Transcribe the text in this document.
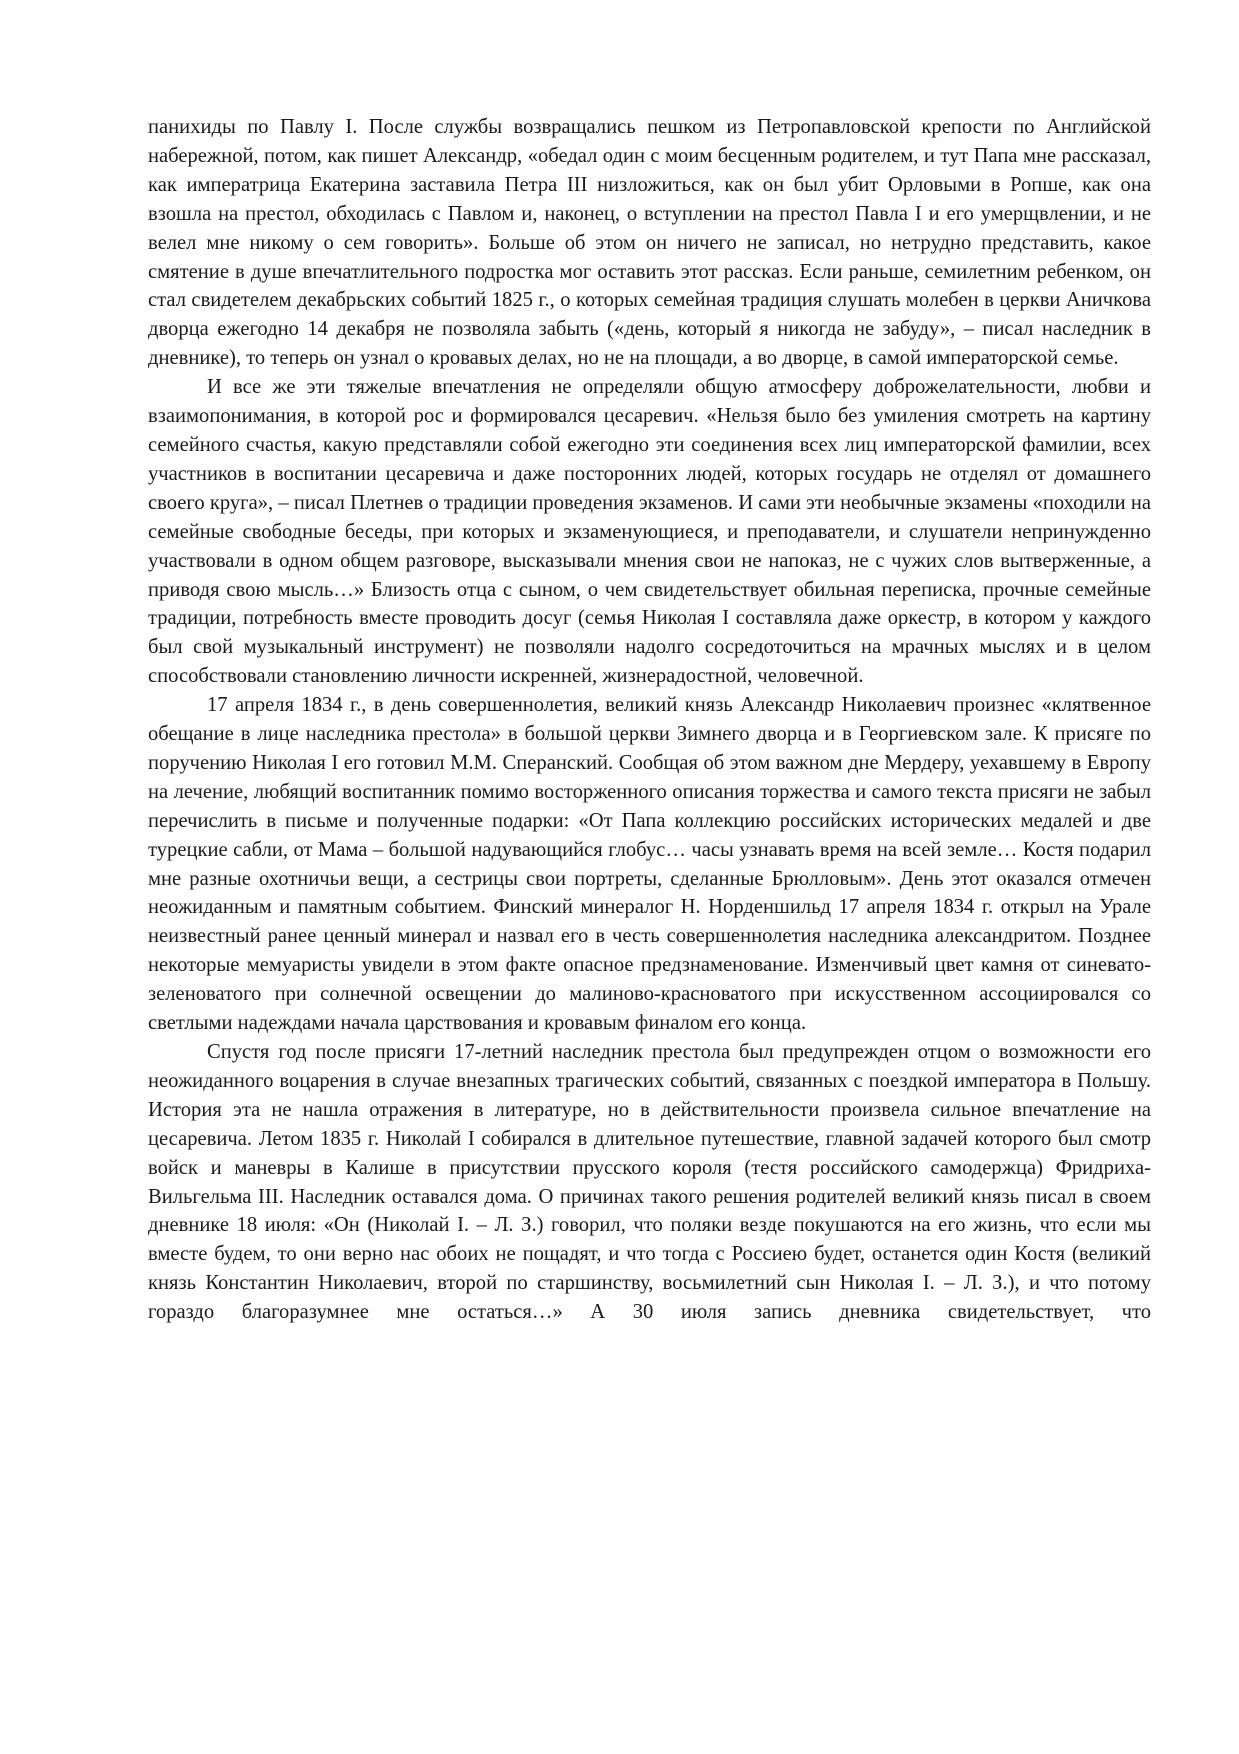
панихиды по Павлу I. После службы возвращались пешком из Петропавловской крепости по Английской набережной, потом, как пишет Александр, «обедал один с моим бесценным родителем, и тут Папа мне рассказал, как императрица Екатерина заставила Петра III низложиться, как он был убит Орловыми в Ропше, как она взошла на престол, обходилась с Павлом и, наконец, о вступлении на престол Павла I и его умерщвлении, и не велел мне никому о сем говорить». Больше об этом он ничего не записал, но нетрудно представить, какое смятение в душе впечатлительного подростка мог оставить этот рассказ. Если раньше, семилетним ребенком, он стал свидетелем декабрьских событий 1825 г., о которых семейная традиция слушать молебен в церкви Аничкова дворца ежегодно 14 декабря не позволяла забыть («день, который я никогда не забуду», – писал наследник в дневнике), то теперь он узнал о кровавых делах, но не на площади, а во дворце, в самой императорской семье.

И все же эти тяжелые впечатления не определяли общую атмосферу доброжелательности, любви и взаимопонимания, в которой рос и формировался цесаревич. «Нельзя было без умиления смотреть на картину семейного счастья, какую представляли собой ежегодно эти соединения всех лиц императорской фамилии, всех участников в воспитании цесаревича и даже посторонних людей, которых государь не отделял от домашнего своего круга», – писал Плетнев о традиции проведения экзаменов. И сами эти необычные экзамены «походили на семейные свободные беседы, при которых и экзаменующиеся, и преподаватели, и слушатели непринужденно участвовали в одном общем разговоре, высказывали мнения свои не напоказ, не с чужих слов вытверженные, а приводя свою мысль…» Близость отца с сыном, о чем свидетельствует обильная переписка, прочные семейные традиции, потребность вместе проводить досуг (семья Николая I составляла даже оркестр, в котором у каждого был свой музыкальный инструмент) не позволяли надолго сосредоточиться на мрачных мыслях и в целом способствовали становлению личности искренней, жизнерадостной, человечной.

17 апреля 1834 г., в день совершеннолетия, великий князь Александр Николаевич произнес «клятвенное обещание в лице наследника престола» в большой церкви Зимнего дворца и в Георгиевском зале. К присяге по поручению Николая I его готовил М.М. Сперанский. Сообщая об этом важном дне Мердеру, уехавшему в Европу на лечение, любящий воспитанник помимо восторженного описания торжества и самого текста присяги не забыл перечислить в письме и полученные подарки: «От Папа коллекцию российских исторических медалей и две турецкие сабли, от Мама – большой надувающийся глобус… часы узнавать время на всей земле… Костя подарил мне разные охотничьи вещи, а сестрицы свои портреты, сделанные Брюлловым». День этот оказался отмечен неожиданным и памятным событием. Финский минералог Н. Норденшильд 17 апреля 1834 г. открыл на Урале неизвестный ранее ценный минерал и назвал его в честь совершеннолетия наследника александритом. Позднее некоторые мемуаристы увидели в этом факте опасное предзнаменование. Изменчивый цвет камня от синевато-зеленоватого при солнечной освещении до малиново-красноватого при искусственном ассоциировался со светлыми надеждами начала царствования и кровавым финалом его конца.

Спустя год после присяги 17-летний наследник престола был предупрежден отцом о возможности его неожиданного воцарения в случае внезапных трагических событий, связанных с поездкой императора в Польшу. История эта не нашла отражения в литературе, но в действительности произвела сильное впечатление на цесаревича. Летом 1835 г. Николай I собирался в длительное путешествие, главной задачей которого был смотр войск и маневры в Калише в присутствии прусского короля (тестя российского самодержца) Фридриха-Вильгельма III. Наследник оставался дома. О причинах такого решения родителей великий князь писал в своем дневнике 18 июля: «Он (Николай I. – Л. З.) говорил, что поляки везде покушаются на его жизнь, что если мы вместе будем, то они верно нас обоих не пощадят, и что тогда с Россиею будет, останется один Костя (великий князь Константин Николаевич, второй по старшинству, восьмилетний сын Николая I. – Л. З.), и что потому гораздо благоразумнее мне остаться…» А 30 июля запись дневника свидетельствует, что
